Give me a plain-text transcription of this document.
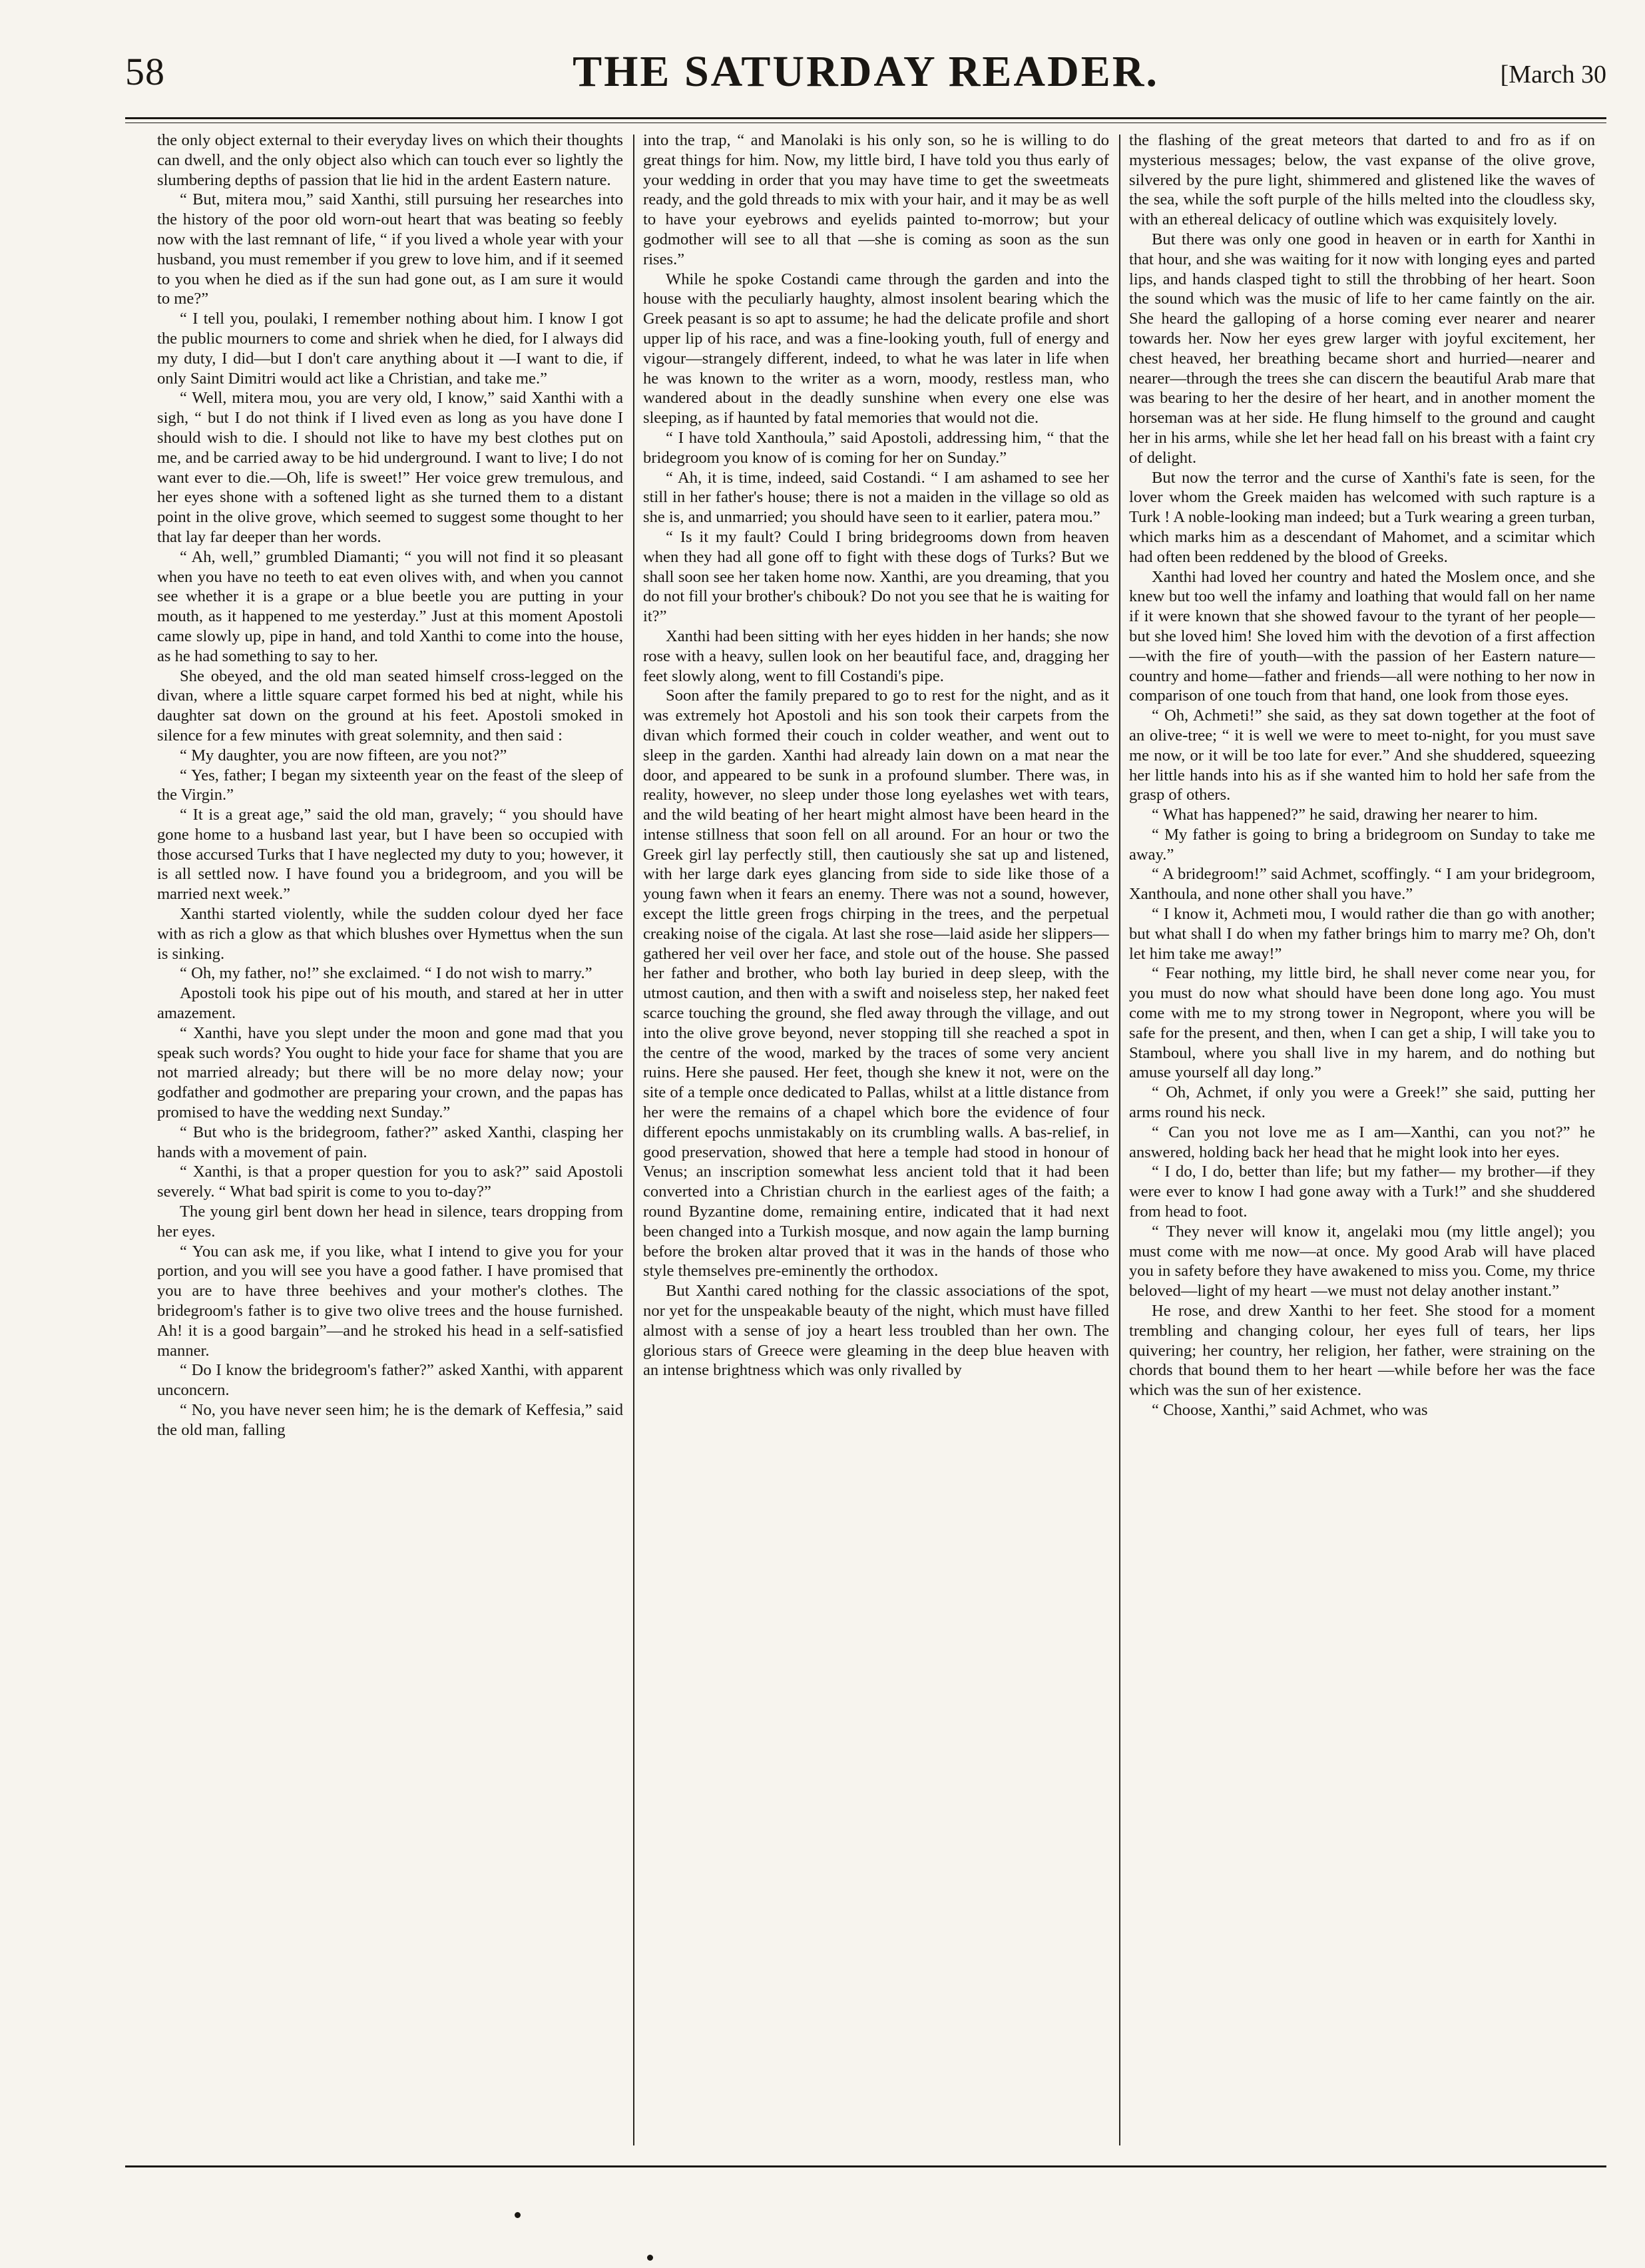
58	THE SATURDAY READER.	[March 30

the only object external to their everyday lives on which their thoughts can dwell, and the only object also which can touch ever so lightly the slumbering depths of passion that lie hid in the ardent Eastern nature.

“ But, mitera mou,” said Xanthi, still pursuing her researches into the history of the poor old worn-out heart that was beating so feebly now with the last remnant of life, “ if you lived a whole year with your husband, you must remember if you grew to love him, and if it seemed to you when he died as if the sun had gone out, as I am sure it would to me?”

“ I tell you, poulaki, I remember nothing about him. I know I got the public mourners to come and shriek when he died, for I always did my duty, I did—but I don't care anything about it —I want to die, if only Saint Dimitri would act like a Christian, and take me.”

“ Well, mitera mou, you are very old, I know,” said Xanthi with a sigh, “ but I do not think if I lived even as long as you have done I should wish to die. I should not like to have my best clothes put on me, and be carried away to be hid underground. I want to live; I do not want ever to die.—Oh, life is sweet!” Her voice grew tremulous, and her eyes shone with a softened light as she turned them to a distant point in the olive grove, which seemed to suggest some thought to her that lay far deeper than her words.

“ Ah, well,” grumbled Diamanti; “ you will not find it so pleasant when you have no teeth to eat even olives with, and when you cannot see whether it is a grape or a blue beetle you are putting in your mouth, as it happened to me yesterday.” Just at this moment Apostoli came slowly up, pipe in hand, and told Xanthi to come into the house, as he had something to say to her.

She obeyed, and the old man seated himself cross-legged on the divan, where a little square carpet formed his bed at night, while his daughter sat down on the ground at his feet. Apostoli smoked in silence for a few minutes with great solemnity, and then said :

“ My daughter, you are now fifteen, are you not?”

“ Yes, father; I began my sixteenth year on the feast of the sleep of the Virgin.”

“ It is a great age,” said the old man, gravely; “ you should have gone home to a husband last year, but I have been so occupied with those accursed Turks that I have neglected my duty to you; however, it is all settled now. I have found you a bridegroom, and you will be married next week.”

Xanthi started violently, while the sudden colour dyed her face with as rich a glow as that which blushes over Hymettus when the sun is sinking.

“ Oh, my father, no!” she exclaimed. “ I do not wish to marry.”

Apostoli took his pipe out of his mouth, and stared at her in utter amazement.

“ Xanthi, have you slept under the moon and gone mad that you speak such words? You ought to hide your face for shame that you are not married already; but there will be no more delay now; your godfather and godmother are preparing your crown, and the papas has promised to have the wedding next Sunday.”

“ But who is the bridegroom, father?” asked Xanthi, clasping her hands with a movement of pain.

“ Xanthi, is that a proper question for you to ask?” said Apostoli severely. “ What bad spirit is come to you to-day?”

The young girl bent down her head in silence, tears dropping from her eyes.

“ You can ask me, if you like, what I intend to give you for your portion, and you will see you have a good father. I have promised that you are to have three beehives and your mother's clothes. The bridegroom's father is to give two olive trees and the house furnished. Ah! it is a good bargain”—and he stroked his head in a self-satisfied manner.

“ Do I know the bridegroom's father?” asked Xanthi, with apparent unconcern.

“ No, you have never seen him; he is the demark of Keffesia,” said the old man, falling

into the trap, “ and Manolaki is his only son, so he is willing to do great things for him. Now, my little bird, I have told you thus early of your wedding in order that you may have time to get the sweetmeats ready, and the gold threads to mix with your hair, and it may be as well to have your eyebrows and eyelids painted to-morrow; but your godmother will see to all that —she is coming as soon as the sun rises.”

While he spoke Costandi came through the garden and into the house with the peculiarly haughty, almost insolent bearing which the Greek peasant is so apt to assume; he had the delicate profile and short upper lip of his race, and was a fine-looking youth, full of energy and vigour—strangely different, indeed, to what he was later in life when he was known to the writer as a worn, moody, restless man, who wandered about in the deadly sunshine when every one else was sleeping, as if haunted by fatal memories that would not die.

“ I have told Xanthoula,” said Apostoli, addressing him, “ that the bridegroom you know of is coming for her on Sunday.”

“ Ah, it is time, indeed, said Costandi. “ I am ashamed to see her still in her father's house; there is not a maiden in the village so old as she is, and unmarried; you should have seen to it earlier, patera mou.”

“ Is it my fault? Could I bring bridegrooms down from heaven when they had all gone off to fight with these dogs of Turks? But we shall soon see her taken home now. Xanthi, are you dreaming, that you do not fill your brother's chibouk? Do not you see that he is waiting for it?”

Xanthi had been sitting with her eyes hidden in her hands; she now rose with a heavy, sullen look on her beautiful face, and, dragging her feet slowly along, went to fill Costandi's pipe.

Soon after the family prepared to go to rest for the night, and as it was extremely hot Apostoli and his son took their carpets from the divan which formed their couch in colder weather, and went out to sleep in the garden. Xanthi had already lain down on a mat near the door, and appeared to be sunk in a profound slumber. There was, in reality, however, no sleep under those long eyelashes wet with tears, and the wild beating of her heart might almost have been heard in the intense stillness that soon fell on all around. For an hour or two the Greek girl lay perfectly still, then cautiously she sat up and listened, with her large dark eyes glancing from side to side like those of a young fawn when it fears an enemy. There was not a sound, however, except the little green frogs chirping in the trees, and the perpetual creaking noise of the cigala. At last she rose—laid aside her slippers—gathered her veil over her face, and stole out of the house. She passed her father and brother, who both lay buried in deep sleep, with the utmost caution, and then with a swift and noiseless step, her naked feet scarce touching the ground, she fled away through the village, and out into the olive grove beyond, never stopping till she reached a spot in the centre of the wood, marked by the traces of some very ancient ruins. Here she paused. Her feet, though she knew it not, were on the site of a temple once dedicated to Pallas, whilst at a little distance from her were the remains of a chapel which bore the evidence of four different epochs unmistakably on its crumbling walls. A bas-relief, in good preservation, showed that here a temple had stood in honour of Venus; an inscription somewhat less ancient told that it had been converted into a Christian church in the earliest ages of the faith; a round Byzantine dome, remaining entire, indicated that it had next been changed into a Turkish mosque, and now again the lamp burning before the broken altar proved that it was in the hands of those who style themselves pre-eminently the orthodox.

But Xanthi cared nothing for the classic associations of the spot, nor yet for the unspeakable beauty of the night, which must have filled almost with a sense of joy a heart less troubled than her own. The glorious stars of Greece were gleaming in the deep blue heaven with an intense brightness which was only rivalled by

the flashing of the great meteors that darted to and fro as if on mysterious messages; below, the vast expanse of the olive grove, silvered by the pure light, shimmered and glistened like the waves of the sea, while the soft purple of the hills melted into the cloudless sky, with an ethereal delicacy of outline which was exquisitely lovely.

But there was only one good in heaven or in earth for Xanthi in that hour, and she was waiting for it now with longing eyes and parted lips, and hands clasped tight to still the throbbing of her heart. Soon the sound which was the music of life to her came faintly on the air. She heard the galloping of a horse coming ever nearer and nearer towards her. Now her eyes grew larger with joyful excitement, her chest heaved, her breathing became short and hurried—nearer and nearer—through the trees she can discern the beautiful Arab mare that was bearing to her the desire of her heart, and in another moment the horseman was at her side. He flung himself to the ground and caught her in his arms, while she let her head fall on his breast with a faint cry of delight.

But now the terror and the curse of Xanthi's fate is seen, for the lover whom the Greek maiden has welcomed with such rapture is a Turk ! A noble-looking man indeed; but a Turk wearing a green turban, which marks him as a descendant of Mahomet, and a scimitar which had often been reddened by the blood of Greeks.

Xanthi had loved her country and hated the Moslem once, and she knew but too well the infamy and loathing that would fall on her name if it were known that she showed favour to the tyrant of her people—but she loved him! She loved him with the devotion of a first affection—with the fire of youth—with the passion of her Eastern nature—country and home—father and friends—all were nothing to her now in comparison of one touch from that hand, one look from those eyes.

“ Oh, Achmeti!” she said, as they sat down together at the foot of an olive-tree; “ it is well we were to meet to-night, for you must save me now, or it will be too late for ever.” And she shuddered, squeezing her little hands into his as if she wanted him to hold her safe from the grasp of others.

“ What has happened?” he said, drawing her nearer to him.

“ My father is going to bring a bridegroom on Sunday to take me away.”

“ A bridegroom!” said Achmet, scoffingly. “ I am your bridegroom, Xanthoula, and none other shall you have.”

“ I know it, Achmeti mou, I would rather die than go with another; but what shall I do when my father brings him to marry me? Oh, don't let him take me away!”

“ Fear nothing, my little bird, he shall never come near you, for you must do now what should have been done long ago. You must come with me to my strong tower in Negropont, where you will be safe for the present, and then, when I can get a ship, I will take you to Stamboul, where you shall live in my harem, and do nothing but amuse yourself all day long.”

“ Oh, Achmet, if only you were a Greek!” she said, putting her arms round his neck.

“ Can you not love me as I am—Xanthi, can you not?” he answered, holding back her head that he might look into her eyes.

“ I do, I do, better than life; but my father— my brother—if they were ever to know I had gone away with a Turk!” and she shuddered from head to foot.

“ They never will know it, angelaki mou (my little angel); you must come with me now—at once. My good Arab will have placed you in safety before they have awakened to miss you. Come, my thrice beloved—light of my heart —we must not delay another instant.”

He rose, and drew Xanthi to her feet. She stood for a moment trembling and changing colour, her eyes full of tears, her lips quivering; her country, her religion, her father, were straining on the chords that bound them to her heart —while before her was the face which was the sun of her existence.

“ Choose, Xanthi,” said Achmet, who was
